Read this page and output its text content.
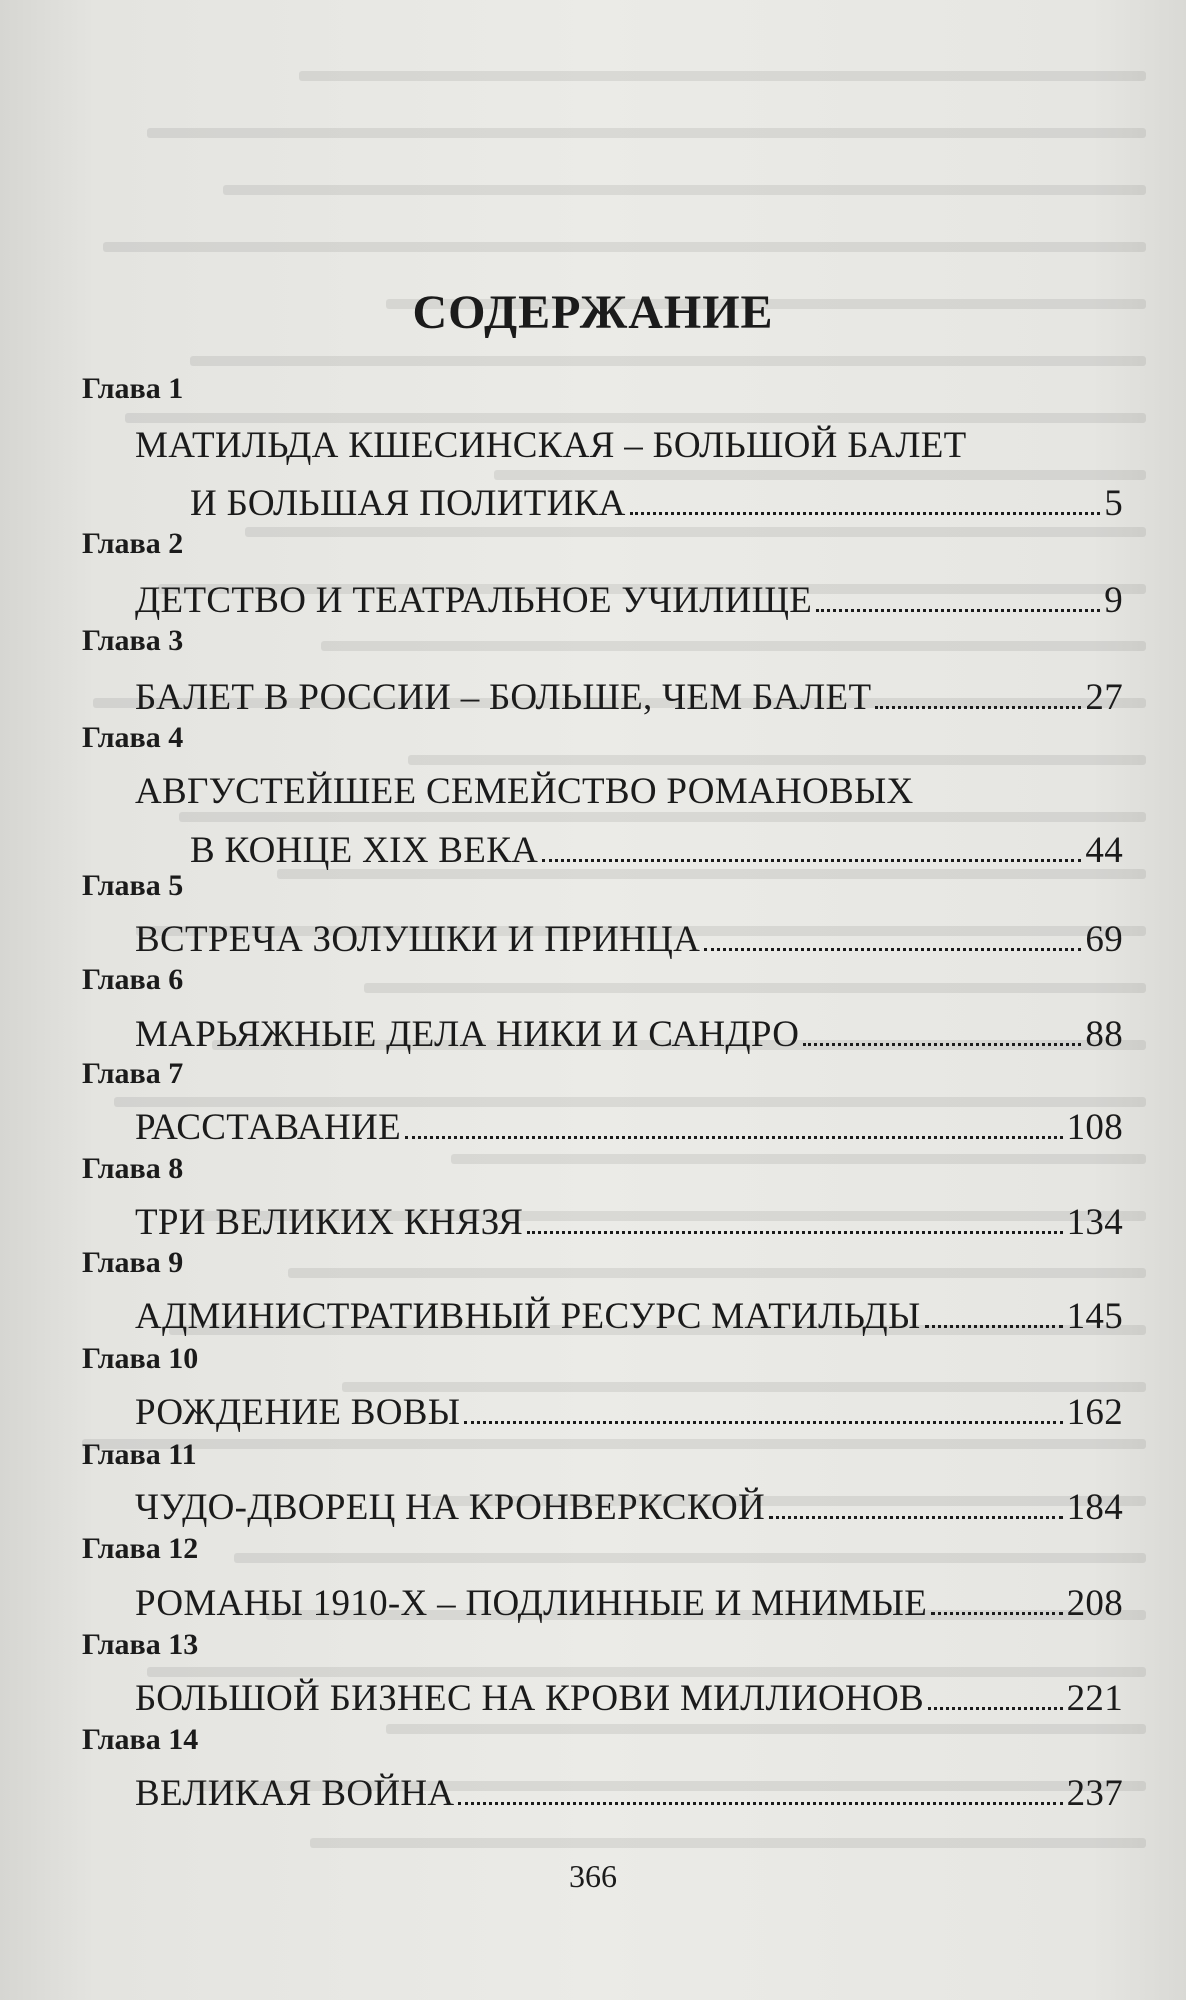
СОДЕРЖАНИЕ
Глава 1
МАТИЛЬДА КШЕСИНСКАЯ – БОЛЬШОЙ БАЛЕТ
И БОЛЬШАЯ ПОЛИТИКА	5
Глава 2
ДЕТСТВО И ТЕАТРАЛЬНОЕ УЧИЛИЩЕ	9
Глава 3
БАЛЕТ В РОССИИ – БОЛЬШЕ, ЧЕМ БАЛЕТ	27
Глава 4
АВГУСТЕЙШЕЕ СЕМЕЙСТВО РОМАНОВЫХ
В КОНЦЕ XIX ВЕКА	44
Глава 5
ВСТРЕЧА ЗОЛУШКИ И ПРИНЦА	69
Глава 6
МАРЬЯЖНЫЕ ДЕЛА НИКИ И САНДРО	88
Глава 7
РАССТАВАНИЕ	108
Глава 8
ТРИ ВЕЛИКИХ КНЯЗЯ	134
Глава 9
АДМИНИСТРАТИВНЫЙ РЕСУРС МАТИЛЬДЫ	145
Глава 10
РОЖДЕНИЕ ВОВЫ	162
Глава 11
ЧУДО-ДВОРЕЦ НА КРОНВЕРКСКОЙ	184
Глава 12
РОМАНЫ 1910-Х – ПОДЛИННЫЕ И МНИМЫЕ	208
Глава 13
БОЛЬШОЙ БИЗНЕС НА КРОВИ МИЛЛИОНОВ	221
Глава 14
ВЕЛИКАЯ ВОЙНА	237
366
